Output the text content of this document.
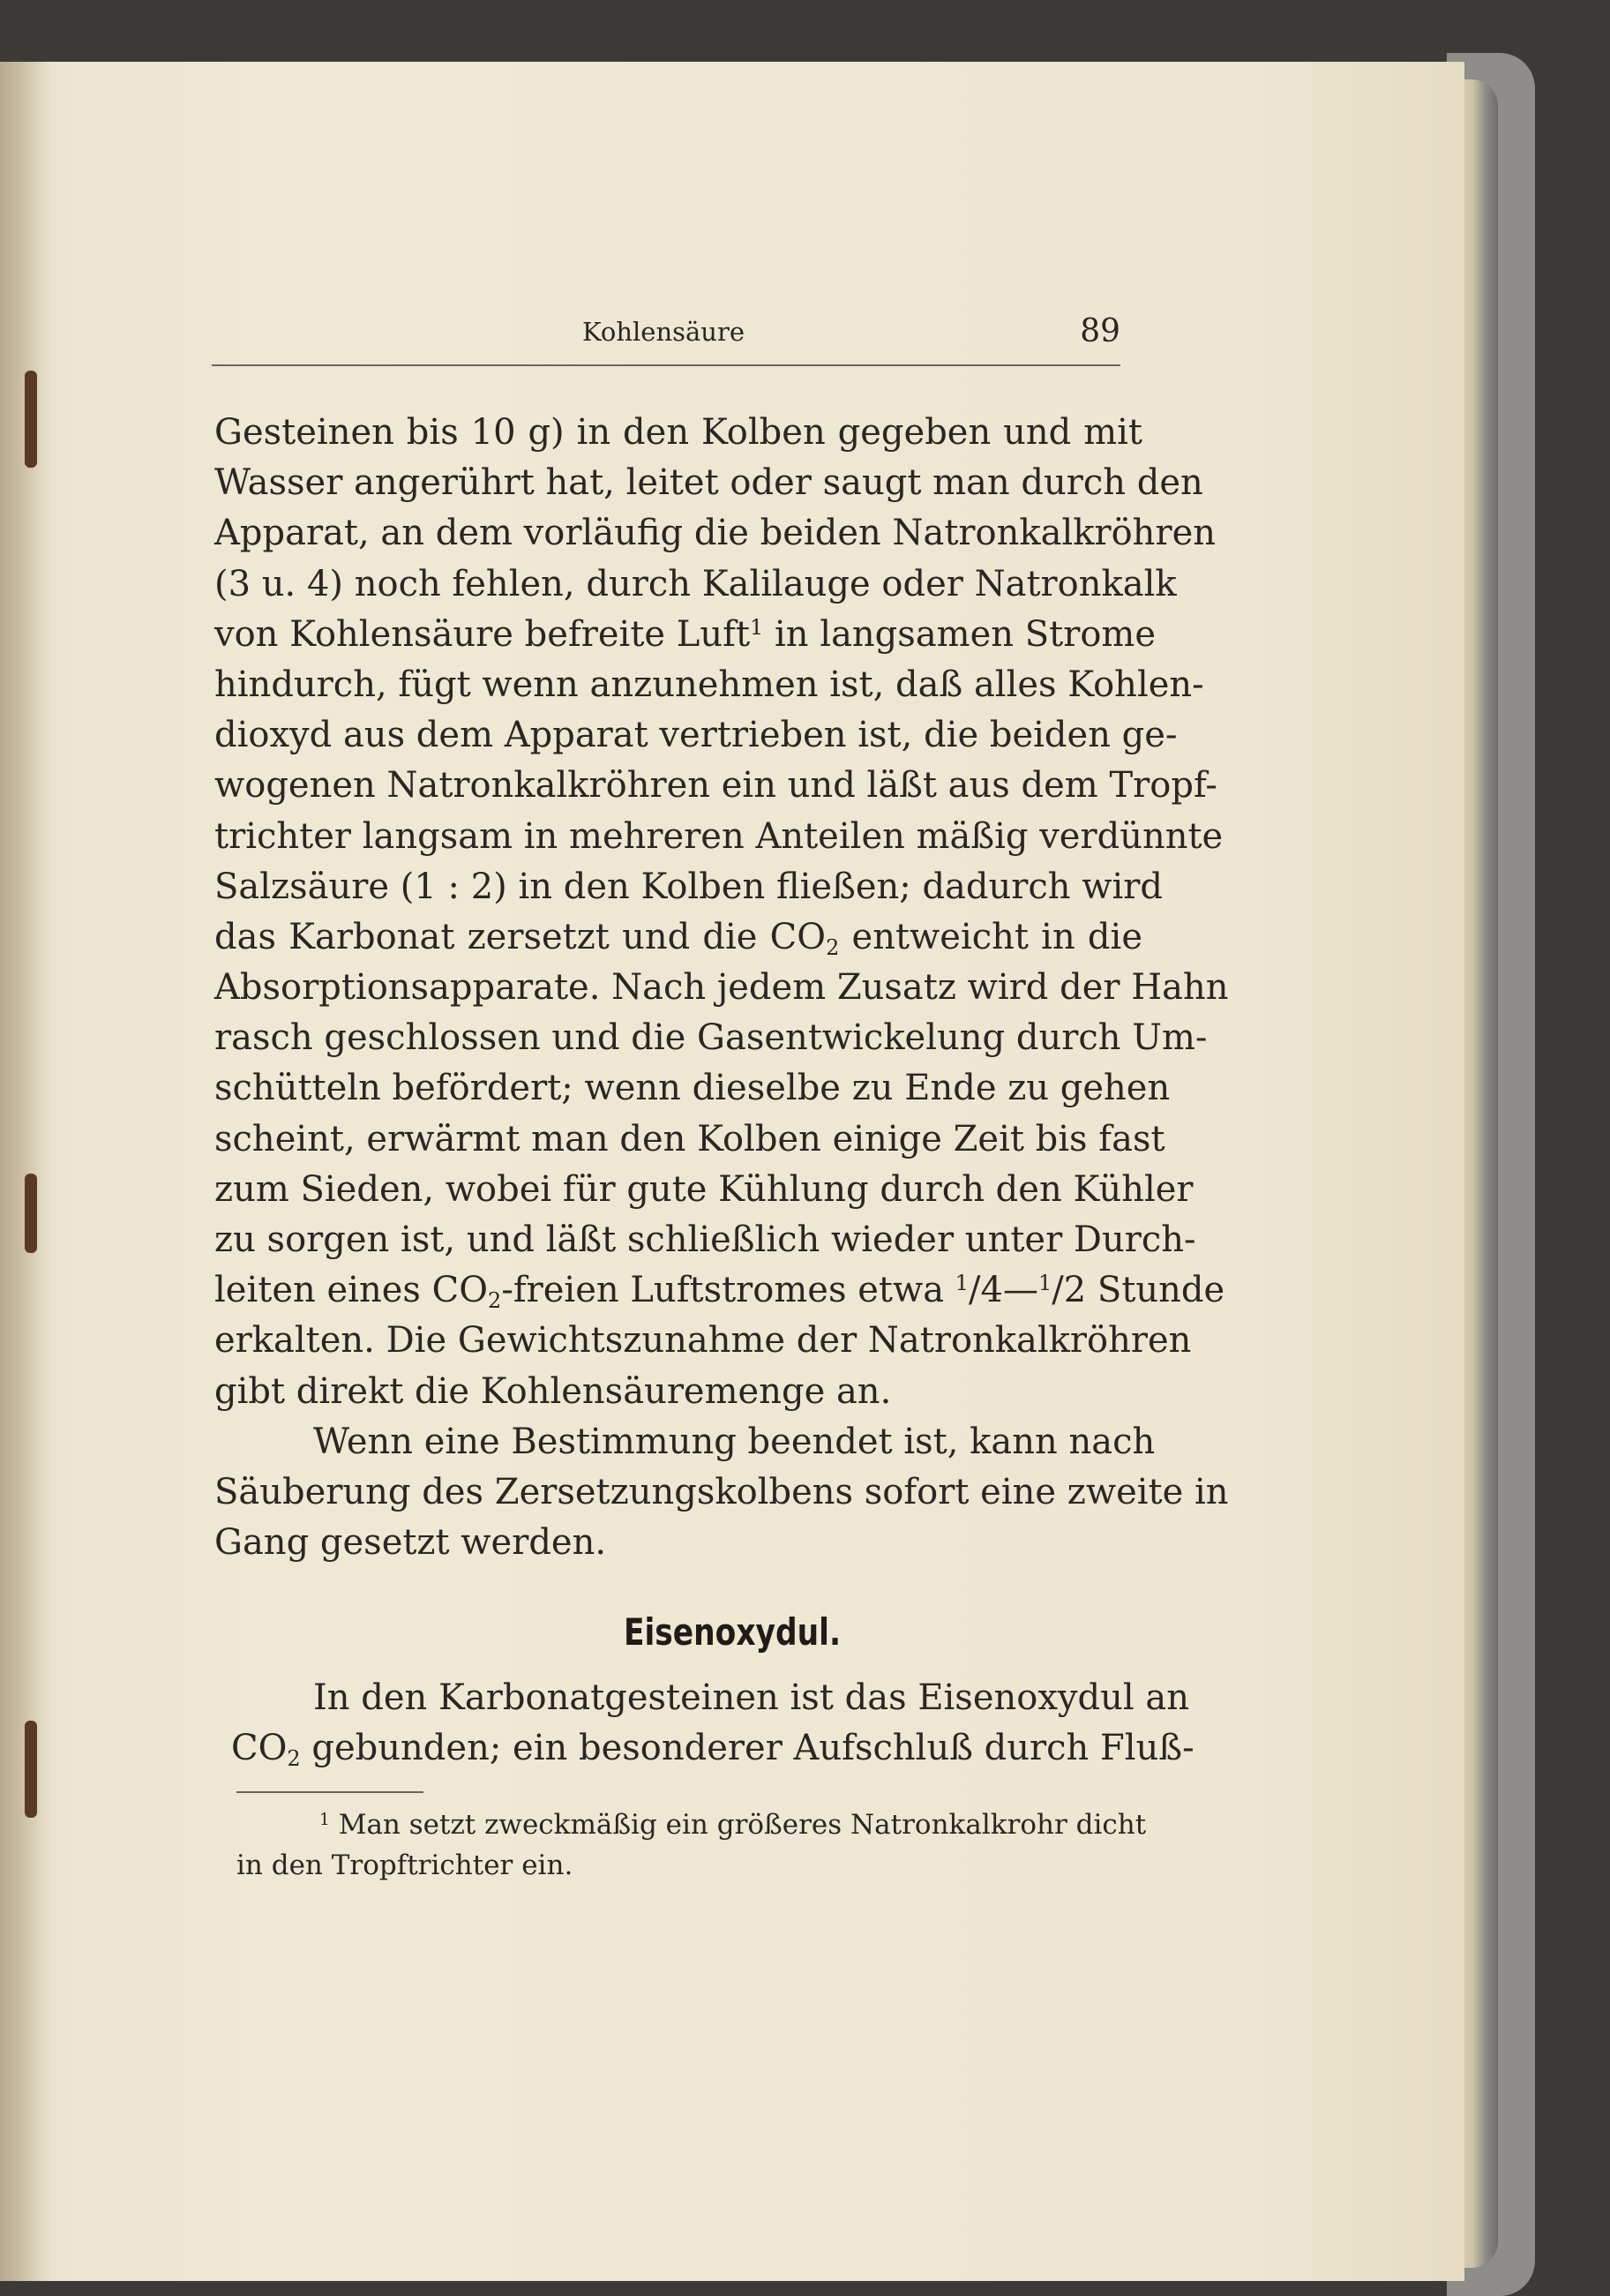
Kohlensäure	89
Gesteinen bis 10 g) in den Kolben gegeben und mit
Wasser angerührt hat, leitet oder saugt man durch den
Apparat, an dem vorläufig die beiden Natronkalkröhren
(3 u. 4) noch fehlen, durch Kalilauge oder Natronkalk
von Kohlensäure befreite Luft$^1$ in langsamen Strome
hindurch, fügt wenn anzunehmen ist, daß alles Kohlen-
dioxyd aus dem Apparat vertrieben ist, die beiden ge-
wogenen Natronkalkröhren ein und läßt aus dem Tropf-
trichter langsam in mehreren Anteilen mäßig verdünnte
Salzsäure (1 : 2) in den Kolben fließen; dadurch wird
das Karbonat zersetzt und die $CO_2$ entweicht in die
Absorptionsapparate. Nach jedem Zusatz wird der Hahn
rasch geschlossen und die Gasentwickelung durch Um-
schütteln befördert; wenn dieselbe zu Ende zu gehen
scheint, erwärmt man den Kolben einige Zeit bis fast
zum Sieden, wobei für gute Kühlung durch den Kühler
zu sorgen ist, und läßt schließlich wieder unter Durch-
leiten eines $CO_2$-freien Luftstromes etwa $^1$/4—$^1$/2 Stunde
erkalten. Die Gewichtszunahme der Natronkalkröhren
gibt direkt die Kohlensäuremenge an.
Wenn eine Bestimmung beendet ist, kann nach
Säuberung des Zersetzungskolbens sofort eine zweite in
Gang gesetzt werden.
Eisenoxydul.
In den Karbonatgesteinen ist das Eisenoxydul an
$CO_2$ gebunden; ein besonderer Aufschluß durch Fluß-
$^1$ Man setzt zweckmäßig ein größeres Natronkalkrohr dicht
in den Tropftrichter ein.
